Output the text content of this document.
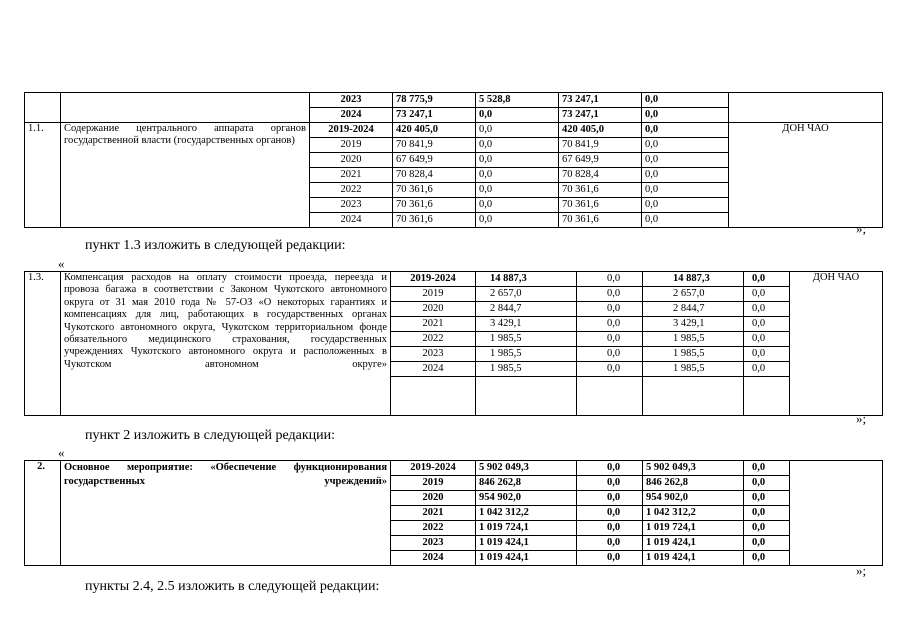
		2023	78 775,9	5 528,8	73 247,1	0,0	
		2024	73 247,1	0,0	73 247,1	0,0	
1.1.	Содержание центрального аппарата органов государственной власти (государственных органов)	2019-2024	420 405,0	0,0	420 405,0	0,0	ДОН ЧАО
		2019	70 841,9	0,0	70 841,9	0,0	
		2020	67 649,9	0,0	67 649,9	0,0	
		2021	70 828,4	0,0	70 828,4	0,0	
		2022	70 361,6	0,0	70 361,6	0,0	
		2023	70 361,6	0,0	70 361,6	0,0	
		2024	70 361,6	0,0	70 361,6	0,0	
»;
пункт 1.3 изложить в следующей редакции:
«
1.3.	Компенсация расходов на оплату стоимости проезда, переезда и провоза багажа в соответствии с Законом Чукотского автономного округа от 31 мая 2010 года № 57-ОЗ «О некоторых гарантиях и компенсациях для лиц, работающих в государственных органах Чукотского автономного округа, Чукотском территориальном фонде обязательного медицинского страхования, государственных учреждениях Чукотского автономного округа и расположенных в Чукотском автономном округе»	2019-2024	14 887,3	0,0	14 887,3	0,0	ДОН ЧАО
		2019	2 657,0	0,0	2 657,0	0,0	
		2020	2 844,7	0,0	2 844,7	0,0	
		2021	3 429,1	0,0	3 429,1	0,0	
		2022	1 985,5	0,0	1 985,5	0,0	
		2023	1 985,5	0,0	1 985,5	0,0	
		2024	1 985,5	0,0	1 985,5	0,0	

»;
пункт 2 изложить в следующей редакции:
«
2.	Основное мероприятие: «Обеспечение функционирования государственных учреждений»	2019-2024	5 902 049,3	0,0	5 902 049,3	0,0	
		2019	846 262,8	0,0	846 262,8	0,0	
		2020	954 902,0	0,0	954 902,0	0,0	
		2021	1 042 312,2	0,0	1 042 312,2	0,0	
		2022	1 019 724,1	0,0	1 019 724,1	0,0	
		2023	1 019 424,1	0,0	1 019 424,1	0,0	
		2024	1 019 424,1	0,0	1 019 424,1	0,0	
»;
пункты 2.4, 2.5 изложить в следующей редакции:
